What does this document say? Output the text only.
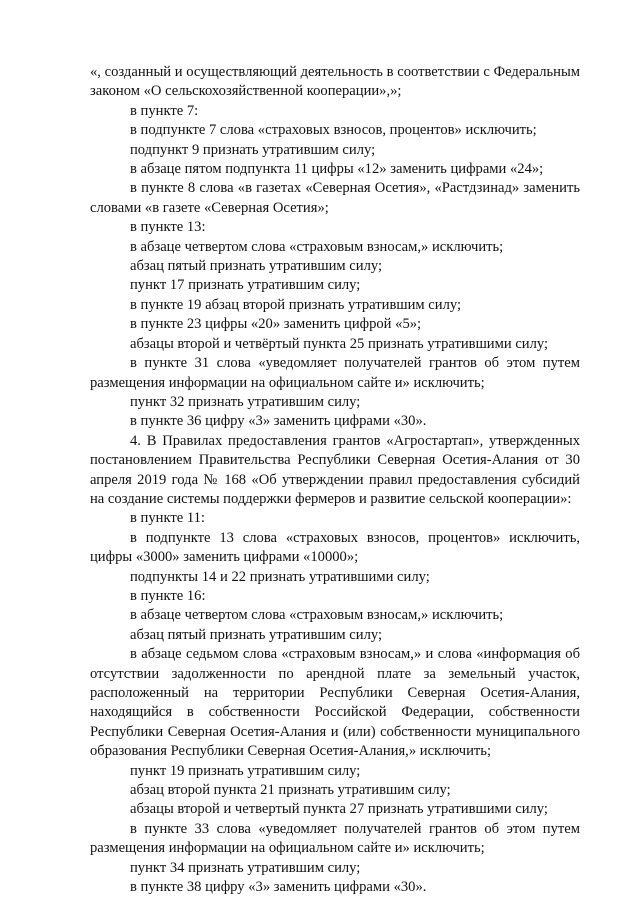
«, созданный и осуществляющий деятельность в соответствии с Федеральным законом «О сельскохозяйственной кооперации»,»;

в пункте 7:

в подпункте 7 слова «страховых взносов, процентов» исключить;

подпункт 9 признать утратившим силу;

в абзаце пятом подпункта 11 цифры «12» заменить цифрами «24»;

в пункте 8 слова «в газетах «Северная Осетия», «Растдзинад» заменить словами «в газете «Северная Осетия»;

в пункте 13:

в абзаце четвертом слова «страховым взносам,» исключить;

абзац пятый признать утратившим силу;

пункт 17 признать утратившим силу;

в пункте 19 абзац второй признать утратившим силу;

в пункте 23 цифры «20» заменить цифрой «5»;

абзацы второй и четвёртый пункта 25 признать утратившими силу;

в пункте 31 слова «уведомляет получателей грантов об этом путем размещения информации на официальном сайте и» исключить;

пункт 32 признать утратившим силу;

в пункте 36 цифру «3» заменить цифрами «30».

4. В Правилах предоставления грантов «Агростартап», утвержденных постановлением Правительства Республики Северная Осетия-Алания от 30 апреля 2019 года № 168 «Об утверждении правил предоставления субсидий на создание системы поддержки фермеров и развитие сельской кооперации»:

в пункте 11:

в подпункте 13 слова «страховых взносов, процентов» исключить, цифры «3000» заменить цифрами «10000»;

подпункты 14 и 22 признать утратившими силу;

в пункте 16:

в абзаце четвертом слова «страховым взносам,» исключить;

абзац пятый признать утратившим силу;

в абзаце седьмом слова «страховым взносам,» и слова «информация об отсутствии задолженности по арендной плате за земельный участок, расположенный на территории Республики Северная Осетия-Алания, находящийся в собственности Российской Федерации, собственности Республики Северная Осетия-Алания и (или) собственности муниципального образования Республики Северная Осетия-Алания,» исключить;

пункт 19 признать утратившим силу;

абзац второй пункта 21 признать утратившим силу;

абзацы второй и четвертый пункта 27 признать утратившими силу;

в пункте 33 слова «уведомляет получателей грантов об этом путем размещения информации на официальном сайте и» исключить;

пункт 34 признать утратившим силу;

в пункте 38 цифру «3» заменить цифрами «30».
